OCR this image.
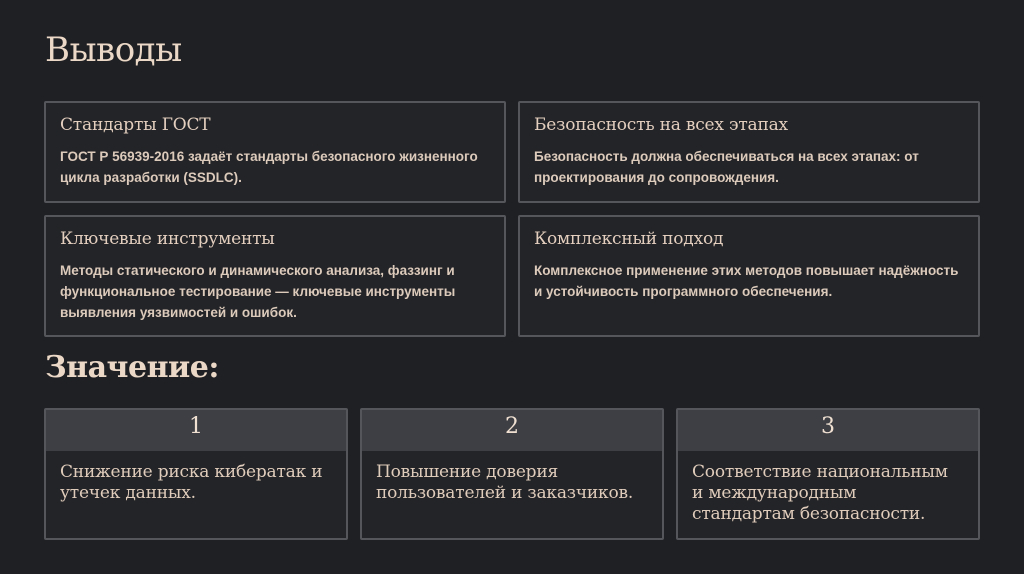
Выводы
Стандарты ГОСТ

ГОСТ Р 56939-2016 задаёт стандарты безопасного жизненного цикла разработки (SSDLC).

Безопасность на всех этапах

Безопасность должна обеспечиваться на всех этапах: от проектирования до сопровождения.

Ключевые инструменты

Методы статического и динамического анализа, фаззинг и функциональное тестирование — ключевые инструменты выявления уязвимостей и ошибок.

Комплексный подход

Комплексное применение этих методов повышает надёжность и устойчивость программного обеспечения.

Значение:
1
Снижение риска кибератак и утечек данных.
2
Повышение доверия пользователей и заказчиков.
3
Соответствие национальным и международным стандартам безопасности.
